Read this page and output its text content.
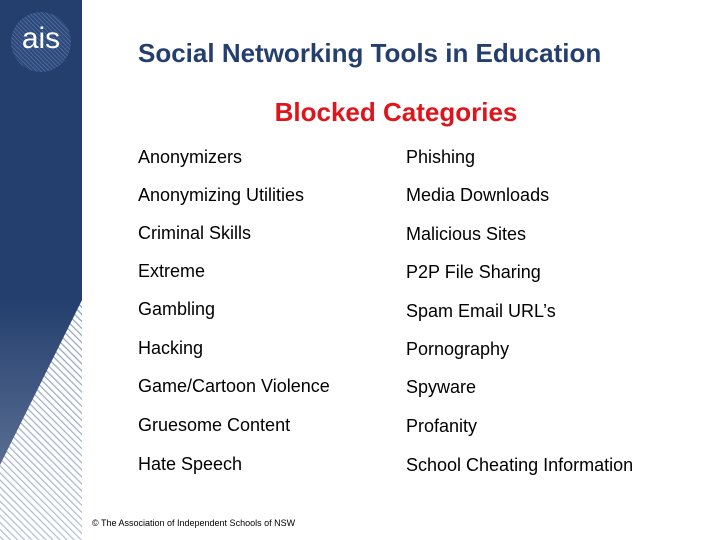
ais	Social Networking Tools in Education
Blocked Categories
Anonymizers
Anonymizing Utilities
Criminal Skills
Extreme
Gambling
Hacking
Game/Cartoon Violence
Gruesome Content
Hate Speech
Phishing
Media Downloads
Malicious Sites
P2P File Sharing
Spam Email URL’s
Pornography
Spyware
Profanity
School Cheating Information
© The Association of Independent Schools of NSW
